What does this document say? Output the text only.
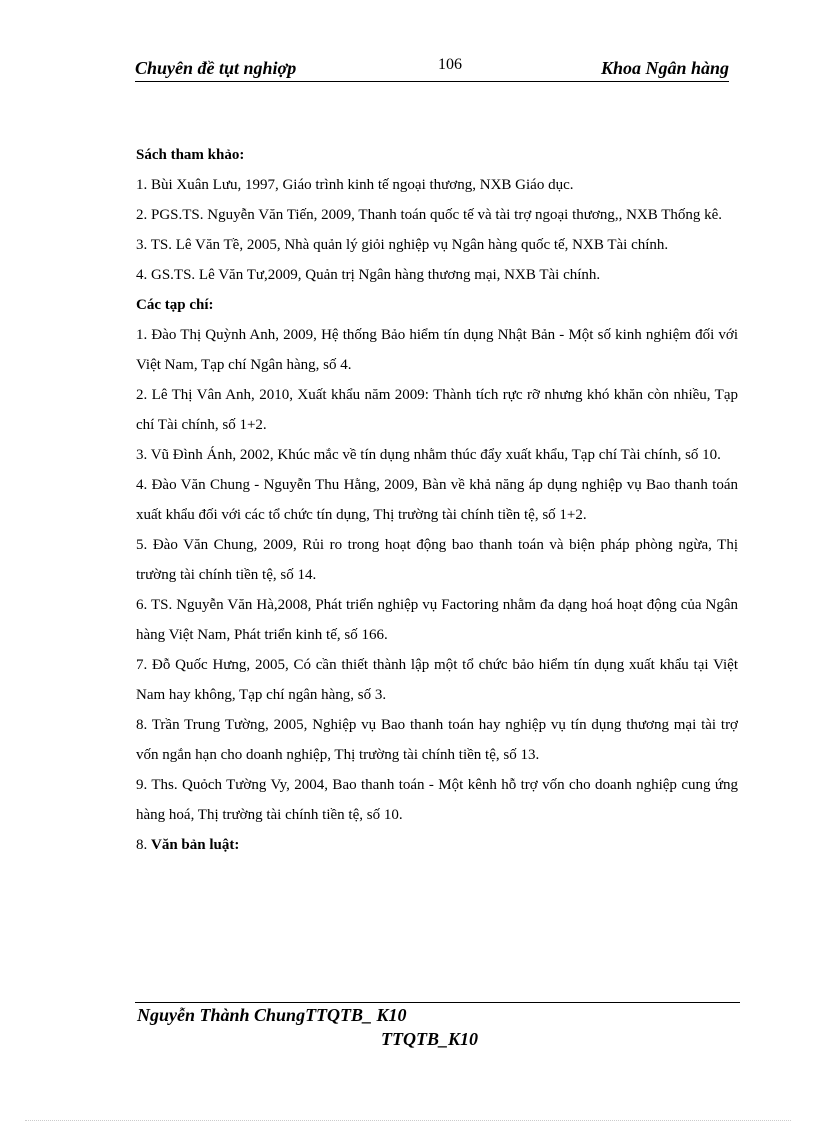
Chuyên đề tụt nghiợp	106	Khoa Ngân hàng

Sách tham khảo:

1. Bùi Xuân Lưu, 1997, Giáo trình kinh tế ngoại thương, NXB Giáo dục.

2. PGS.TS. Nguyễn Văn Tiến, 2009, Thanh toán quốc tế và tài trợ ngoại thương,, NXB Thống kê.

3. TS. Lê Văn Tề, 2005, Nhà quản lý giỏi nghiệp vụ Ngân hàng quốc tế, NXB Tài chính.

4. GS.TS. Lê Văn Tư,2009, Quản trị Ngân hàng thương mại, NXB Tài chính.

Các tạp chí:

1. Đào Thị Quỳnh Anh, 2009, Hệ thống Bảo hiểm tín dụng Nhật Bản - Một số kinh nghiệm đối với Việt Nam, Tạp chí Ngân hàng, số 4.

2. Lê Thị Vân Anh, 2010, Xuất khẩu năm 2009: Thành tích rực rỡ nhưng khó khăn còn nhiều, Tạp chí Tài chính, số 1+2.

3. Vũ Đình Ánh, 2002, Khúc mắc về tín dụng nhằm thúc đẩy xuất khẩu, Tạp chí Tài chính, số 10.

4. Đào Văn Chung - Nguyễn Thu Hằng, 2009, Bàn về khả năng áp dụng nghiệp vụ Bao thanh toán xuất khẩu đối với các tổ chức tín dụng, Thị trường tài chính tiền tệ, số 1+2.

5. Đào Văn Chung, 2009, Rủi ro trong hoạt động bao thanh toán và biện pháp phòng ngừa, Thị trường tài chính tiền tệ, số 14.

6. TS. Nguyễn Văn Hà,2008, Phát triển nghiệp vụ Factoring nhằm đa dạng hoá hoạt động của Ngân hàng Việt Nam, Phát triển kinh tế, số 166.

7. Đỗ Quốc Hưng, 2005, Có cần thiết thành lập một tổ chức bảo hiểm tín dụng xuất khẩu tại Việt Nam hay không, Tạp chí ngân hàng, số 3.

8. Trần Trung Tường, 2005, Nghiệp vụ Bao thanh toán hay nghiệp vụ tín dụng thương mại tài trợ vốn ngắn hạn cho doanh nghiệp, Thị trường tài chính tiền tệ, số 13.

9. Ths. Quỏch Tường Vy, 2004, Bao thanh toán - Một kênh hỗ trợ vốn cho doanh nghiệp cung ứng hàng hoá, Thị trường tài chính tiền tệ, số 10.

8. Văn bản luật:

Nguyễn Thành ChungTTQTB_ K10
TTQTB_K10
